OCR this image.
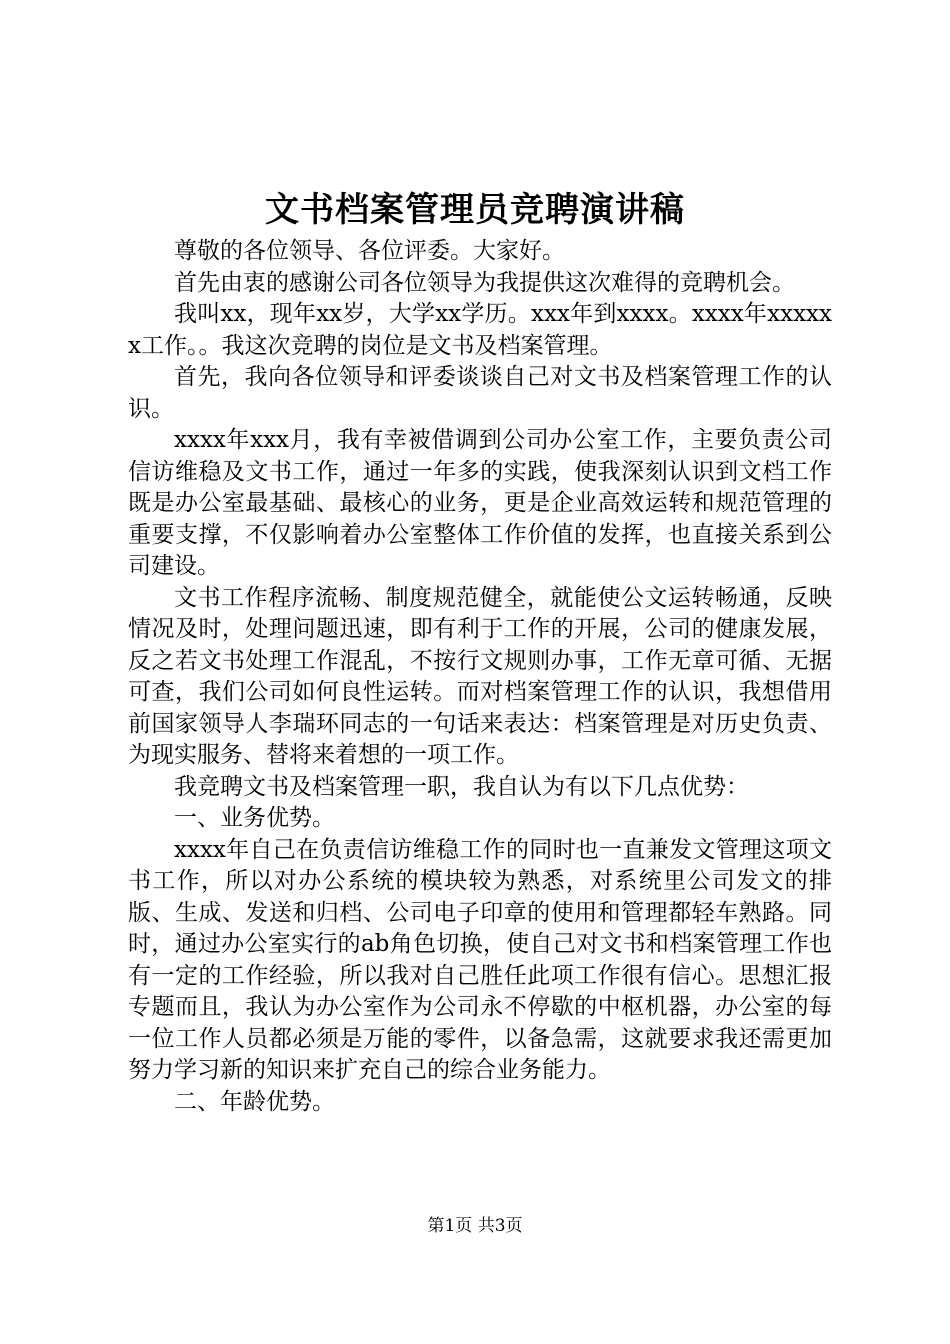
文书档案管理员竞聘演讲稿

尊敬的各位领导、各位评委。大家好。

首先由衷的感谢公司各位领导为我提供这次难得的竞聘机会。

我叫xx，现年xx岁，大学xx学历。xxx年到xxxx。xxxx年xxxxxx工作。。我这次竞聘的岗位是文书及档案管理。

首先，我向各位领导和评委谈谈自己对文书及档案管理工作的认识。

xxxx年xxx月，我有幸被借调到公司办公室工作，主要负责公司信访维稳及文书工作，通过一年多的实践，使我深刻认识到文档工作既是办公室最基础、最核心的业务，更是企业高效运转和规范管理的重要支撑，不仅影响着办公室整体工作价值的发挥，也直接关系到公司建设。

文书工作程序流畅、制度规范健全，就能使公文运转畅通，反映情况及时，处理问题迅速，即有利于工作的开展，公司的健康发展，反之若文书处理工作混乱，不按行文规则办事，工作无章可循、无据可查，我们公司如何良性运转。而对档案管理工作的认识，我想借用前国家领导人李瑞环同志的一句话来表达：档案管理是对历史负责、为现实服务、替将来着想的一项工作。

我竞聘文书及档案管理一职，我自认为有以下几点优势：

一、业务优势。

xxxx年自己在负责信访维稳工作的同时也一直兼发文管理这项文书工作，所以对办公系统的模块较为熟悉，对系统里公司发文的排版、生成、发送和归档、公司电子印章的使用和管理都轻车熟路。同时，通过办公室实行的ab角色切换，使自己对文书和档案管理工作也有一定的工作经验，所以我对自己胜任此项工作很有信心。思想汇报专题而且，我认为办公室作为公司永不停歇的中枢机器，办公室的每一位工作人员都必须是万能的零件，以备急需，这就要求我还需更加努力学习新的知识来扩充自己的综合业务能力。

二、年龄优势。

第1页 共3页
